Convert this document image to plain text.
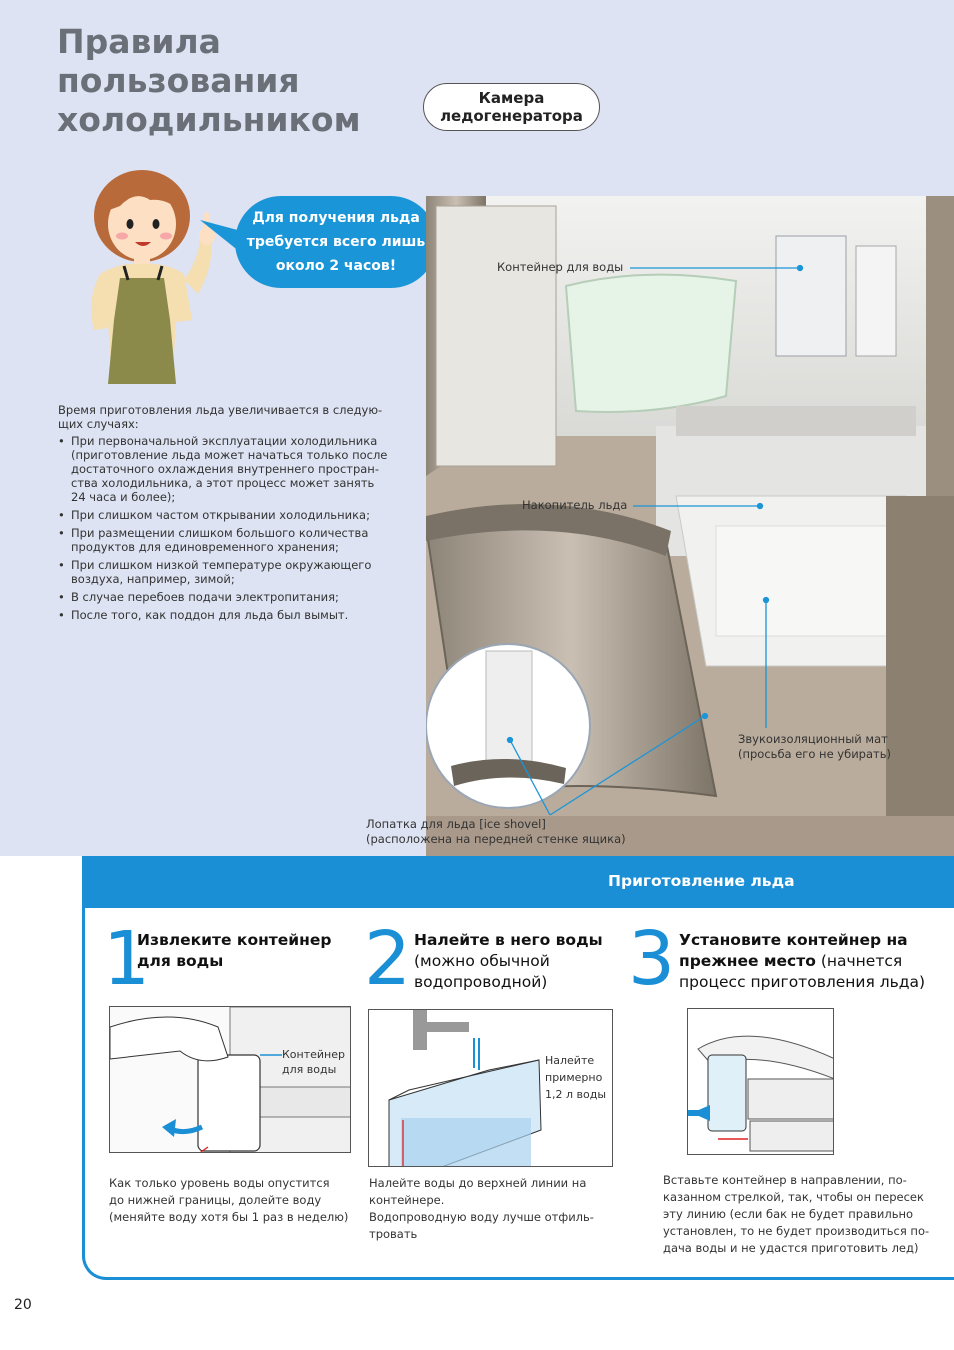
Правила пользования холодильником
Камера
ледогенератора
Для получения льда
требуется всего лишь
около 2 часов!
Время приготовления льда увеличивается в следую-
щих случаях:
• При первоначальной эксплуатации холодильника (приготовление льда может начаться только после достаточного охлаждения внутреннего простран-ства холодильника, а этот процесс может занять 24 часа и более);
• При слишком частом открывании холодильника;
• При размещении слишком большого количества продуктов для единовременного хранения;
• При слишком низкой температуре окружающего воздуха, например, зимой;
• В случае перебоев подачи электропитания;
• После того, как поддон для льда был вымыт.
Контейнер для воды
Накопитель льда
Звукоизоляционный мат
(просьба его не убирать)
Лопатка для льда [ice shovel]
(расположена на передней стенке ящика)
Приготовление льда
1
Извлеките контейнер
для воды
Контейнер
для воды
Как только уровень воды опустится
до нижней границы, долейте воду
(меняйте воду хотя бы 1 раз в неделю)
2 Налейте в него воды
(можно обычной
водопроводной)
Налейте
примерно
1,2 л воды
Налейте воды до верхней линии на
контейнере.
Водопроводную воду лучше отфиль-
тровать
3 Установите контейнер на
прежнее место (начнется
процесс приготовления льда)
Вставьте контейнер в направлении, по-
казанном стрелкой, так, чтобы он пересек
эту линию (если бак не будет правильно
установлен, то не будет производиться по-
дача воды и не удастся приготовить лед)
20
